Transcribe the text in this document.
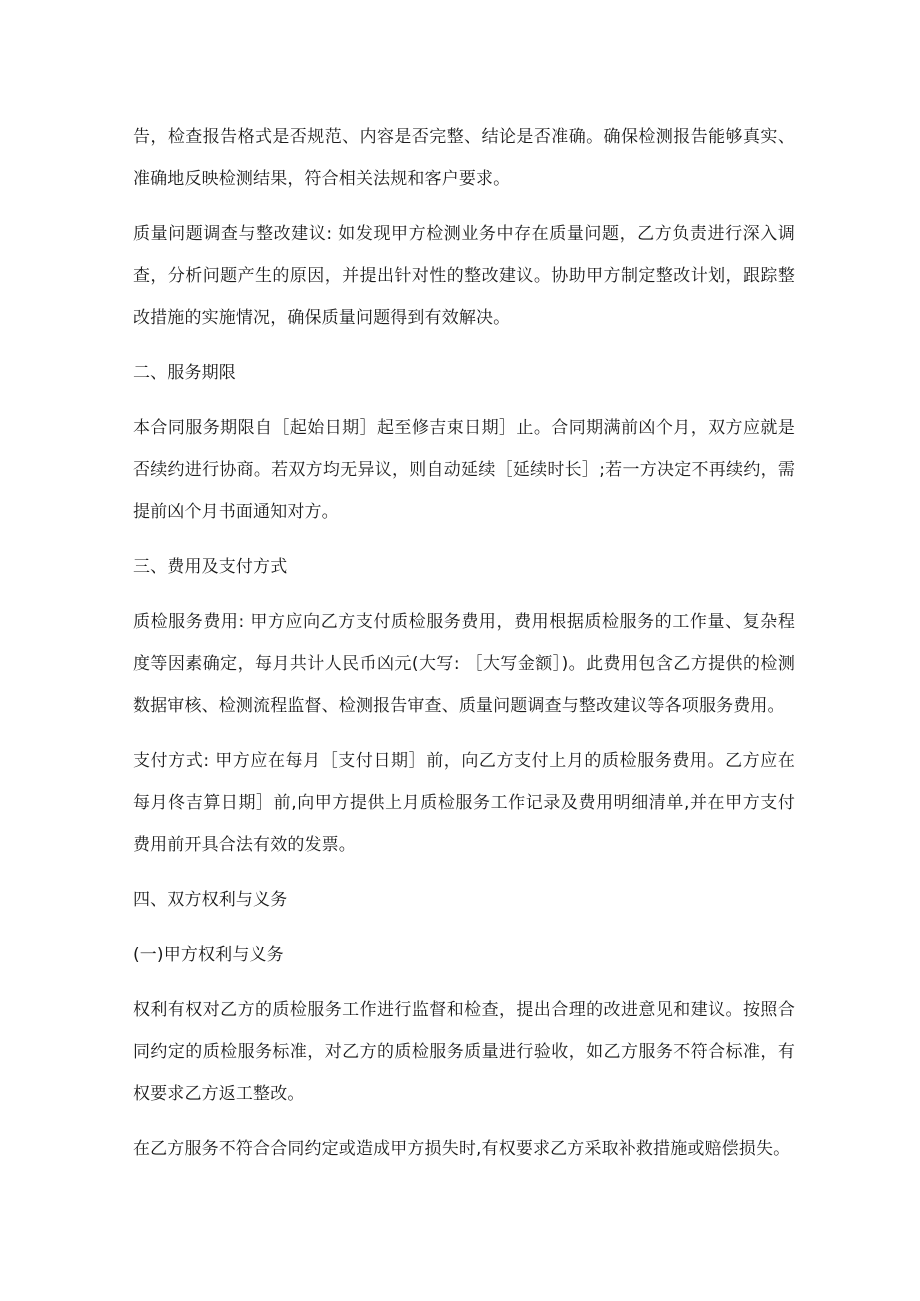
告，检查报告格式是否规范、内容是否完整、结论是否准确。确保检测报告能够真实、准确地反映检测结果，符合相关法规和客户要求。

质量问题调查与整改建议: 如发现甲方检测业务中存在质量问题，乙方负责进行深入调查，分析问题产生的原因，并提出针对性的整改建议。协助甲方制定整改计划，跟踪整改措施的实施情况，确保质量问题得到有效解决。

二、服务期限

本合同服务期限自［起始日期］起至修吉束日期］止。合同期满前凶个月，双方应就是否续约进行协商。若双方均无异议，则自动延续［延续时长］;若一方决定不再续约，需提前凶个月书面通知对方。

三、费用及支付方式

质检服务费用: 甲方应向乙方支付质检服务费用，费用根据质检服务的工作量、复杂程度等因素确定，每月共计人民币凶元(大写: ［大写金额］)。此费用包含乙方提供的检测数据审核、检测流程监督、检测报告审查、质量问题调查与整改建议等各项服务费用。

支付方式: 甲方应在每月［支付日期］前，向乙方支付上月的质检服务费用。乙方应在每月佟吉算日期］前,向甲方提供上月质检服务工作记录及费用明细清单,并在甲方支付费用前开具合法有效的发票。

四、双方权利与义务

(一)甲方权利与义务

权利有权对乙方的质检服务工作进行监督和检查，提出合理的改进意见和建议。按照合同约定的质检服务标准，对乙方的质检服务质量进行验收，如乙方服务不符合标准，有权要求乙方返工整改。

在乙方服务不符合合同约定或造成甲方损失时,有权要求乙方采取补救措施或赔偿损失。
